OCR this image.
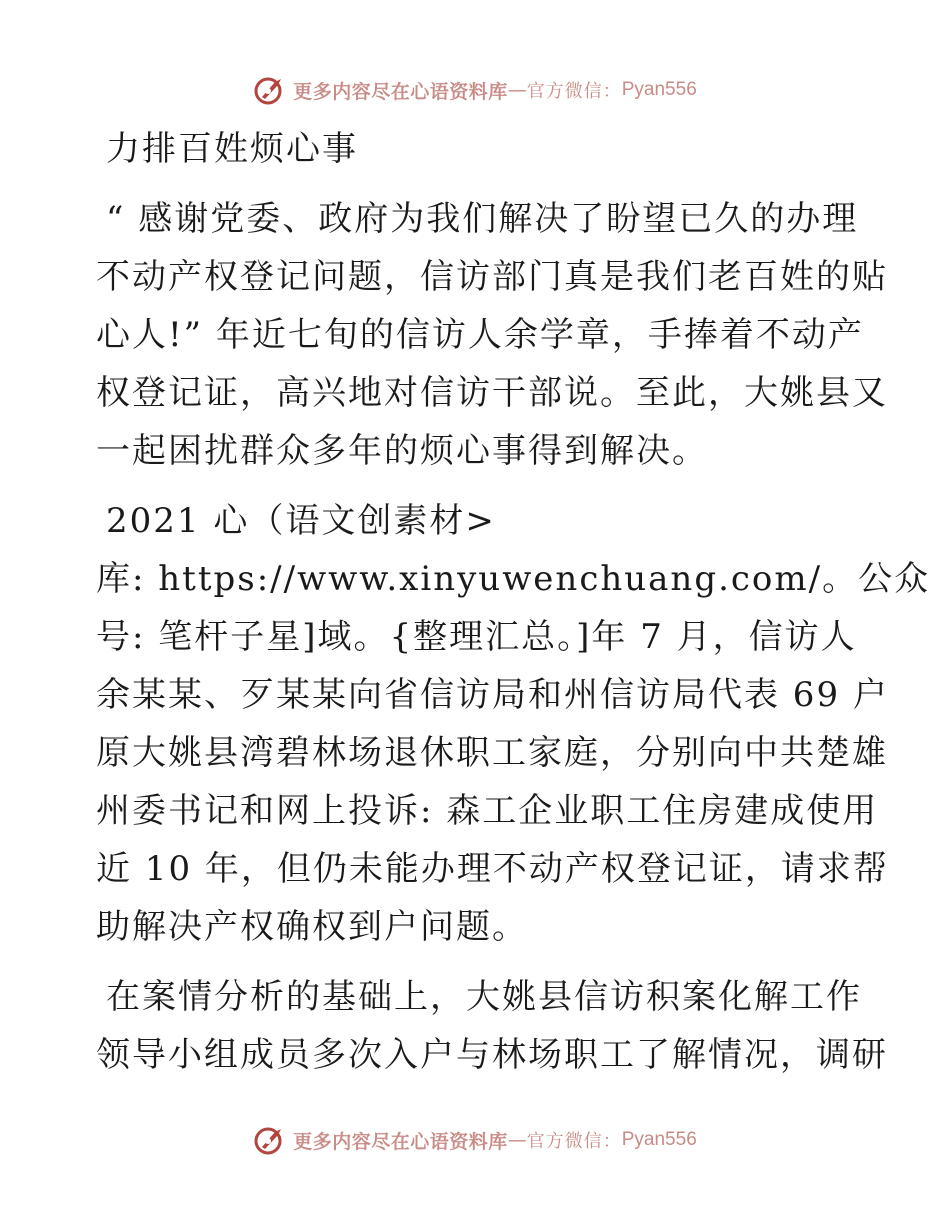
更多内容尽在心语资料库 — 官方微信： Pyan556
力排百姓烦心事
“ 感谢党委、政府为我们解决了盼望已久的办理
不动产权登记问题，信访部门真是我们老百姓的贴
心人!” 年近七旬的信访人余学章，手捧着不动产
权登记证，高兴地对信访干部说。至此，大姚县又
一起困扰群众多年的烦心事得到解决。
2021 心（语文创素材>
库: https://www.xinyuwenchuang.com/。公众
号: 笔杆子星]域。{整理汇总。]年 7 月，信访人
余某某、歹某某向省信访局和州信访局代表 69 户
原大姚县湾碧林场退休职工家庭，分别向中共楚雄
州委书记和网上投诉: 森工企业职工住房建成使用
近 10 年，但仍未能办理不动产权登记证，请求帮
助解决产权确权到户问题。
在案情分析的基础上，大姚县信访积案化解工作
领导小组成员多次入户与林场职工了解情况，调研
更多内容尽在心语资料库 — 官方微信： Pyan556
